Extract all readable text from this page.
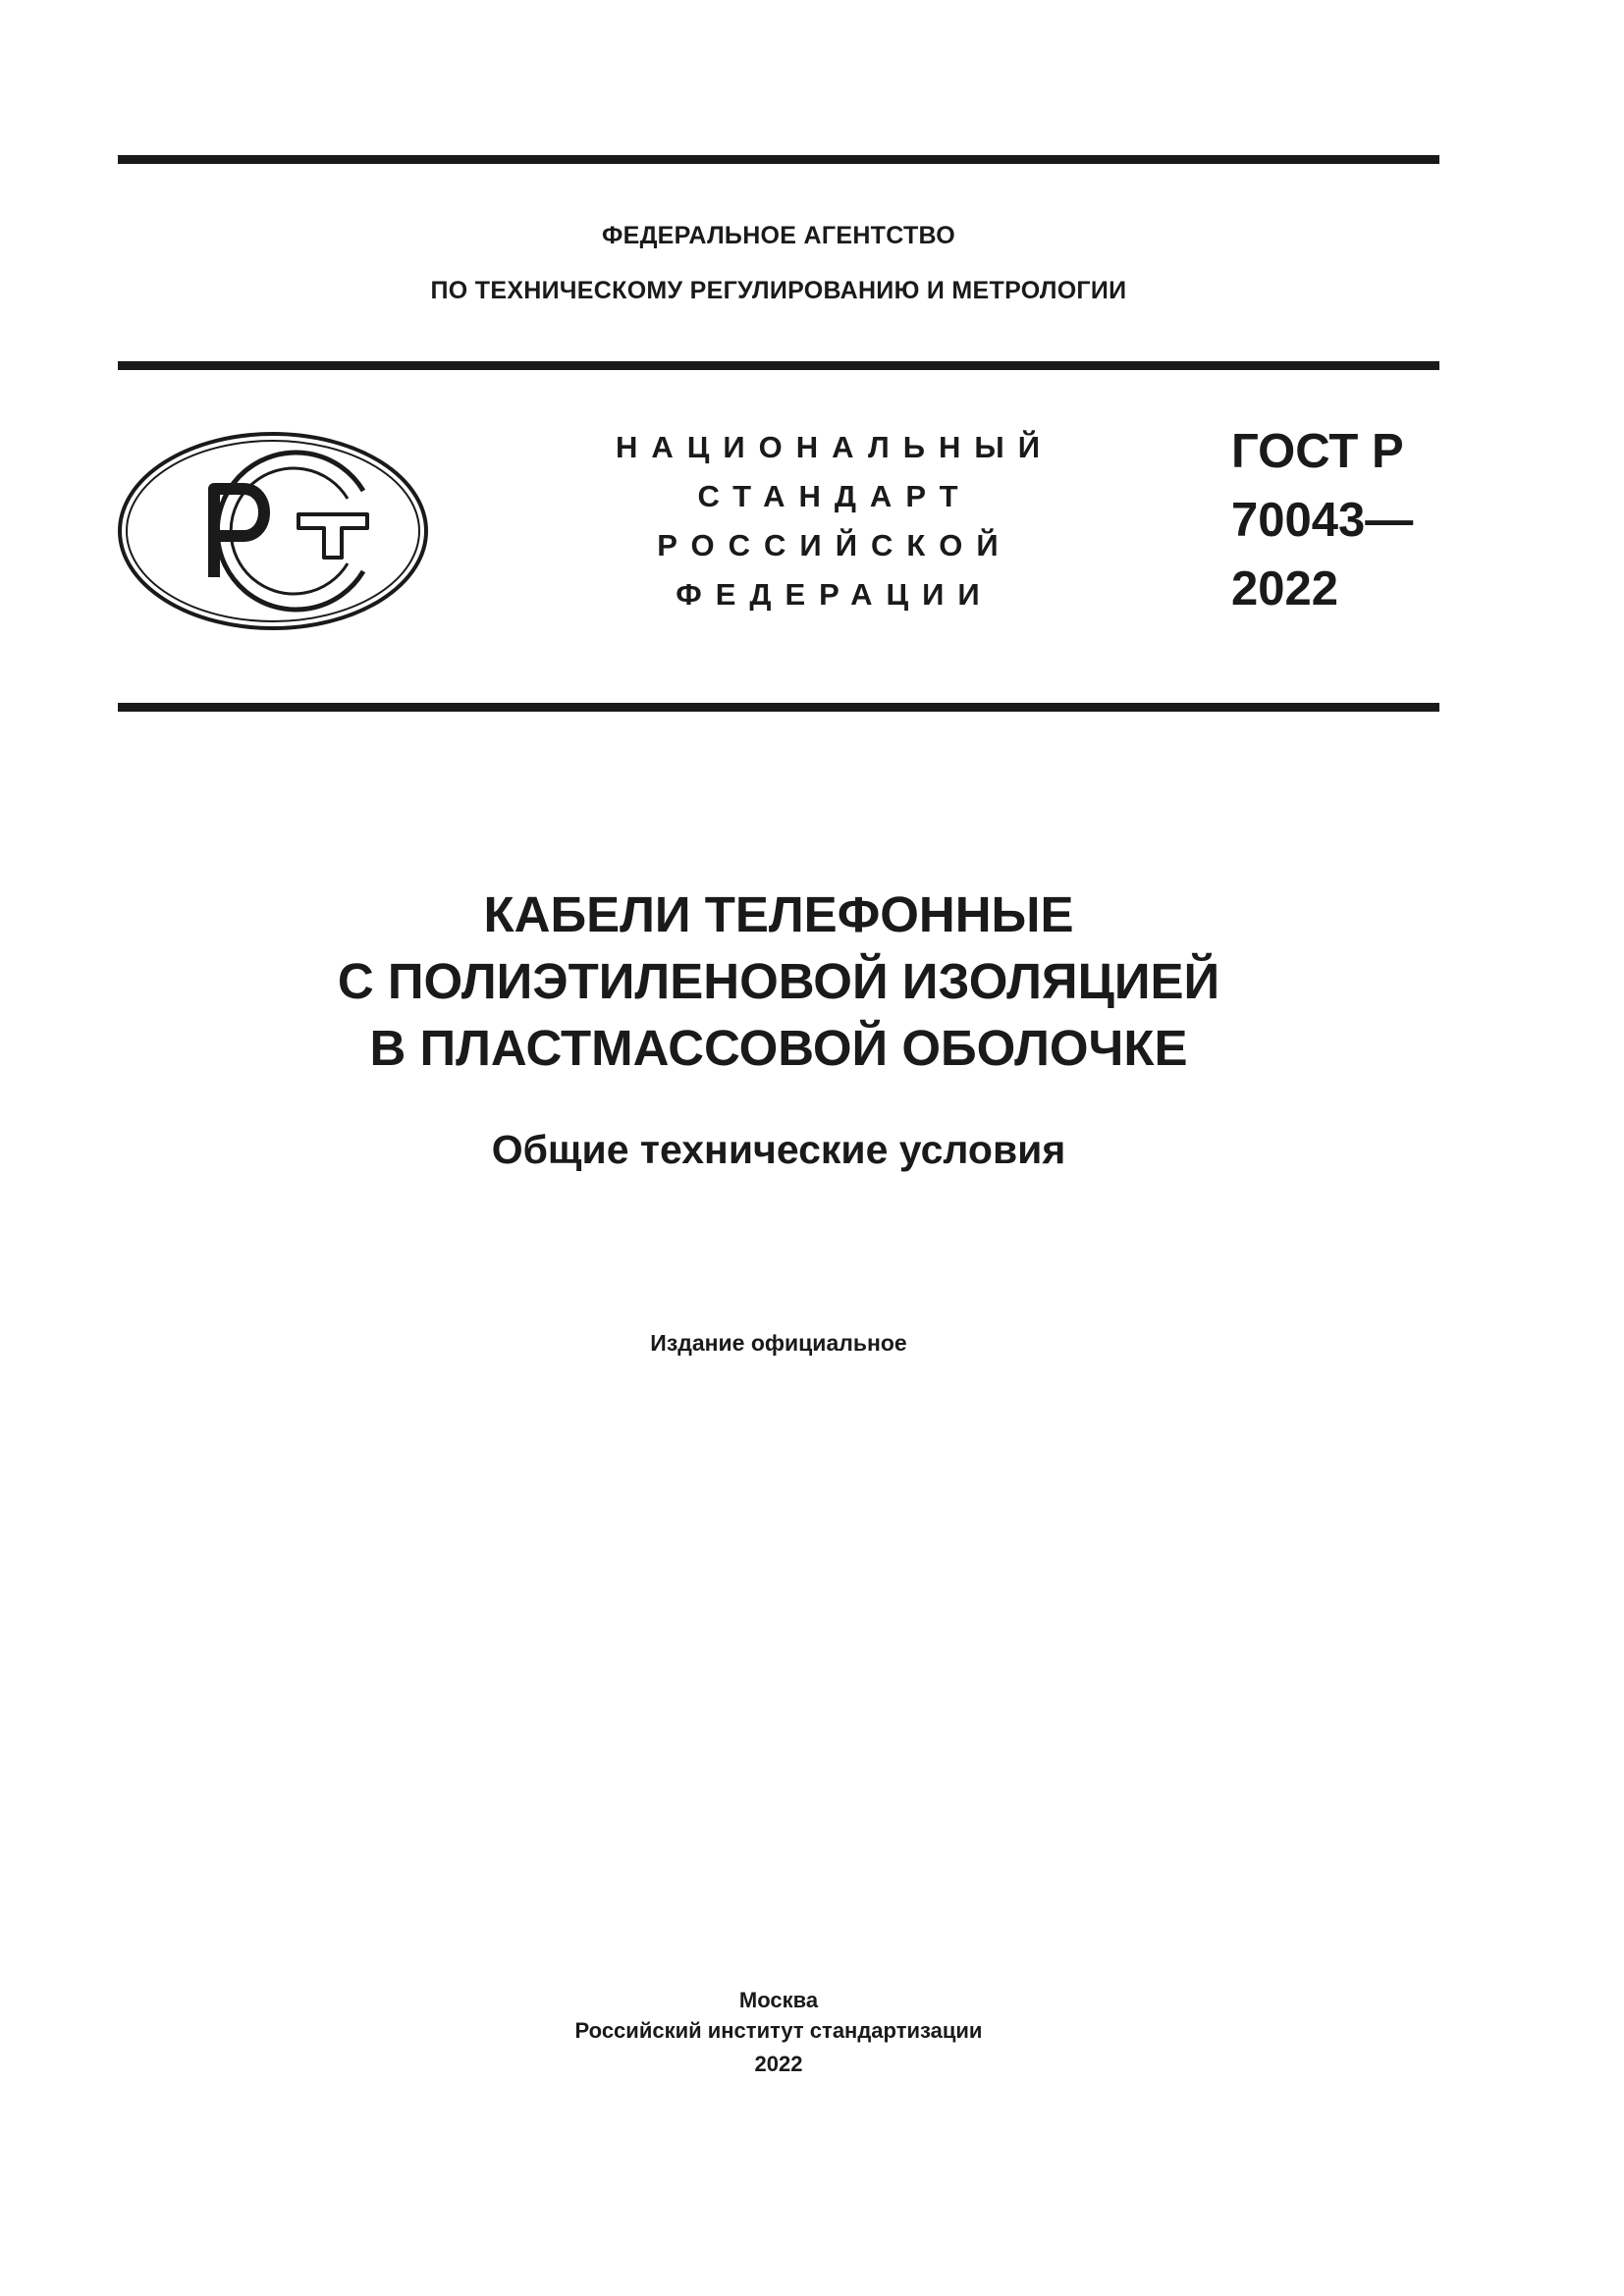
ФЕДЕРАЛЬНОЕ АГЕНТСТВО
ПО ТЕХНИЧЕСКОМУ РЕГУЛИРОВАНИЮ И МЕТРОЛОГИИ
НАЦИОНАЛЬНЫЙ
СТАНДАРТ
РОССИЙСКОЙ
ФЕДЕРАЦИИ
ГОСТ Р
70043—
2022
КАБЕЛИ ТЕЛЕФОННЫЕ
С ПОЛИЭТИЛЕНОВОЙ ИЗОЛЯЦИЕЙ
В ПЛАСТМАССОВОЙ ОБОЛОЧКЕ
Общие технические условия
Издание официальное
Москва
Российский институт стандартизации
2022
